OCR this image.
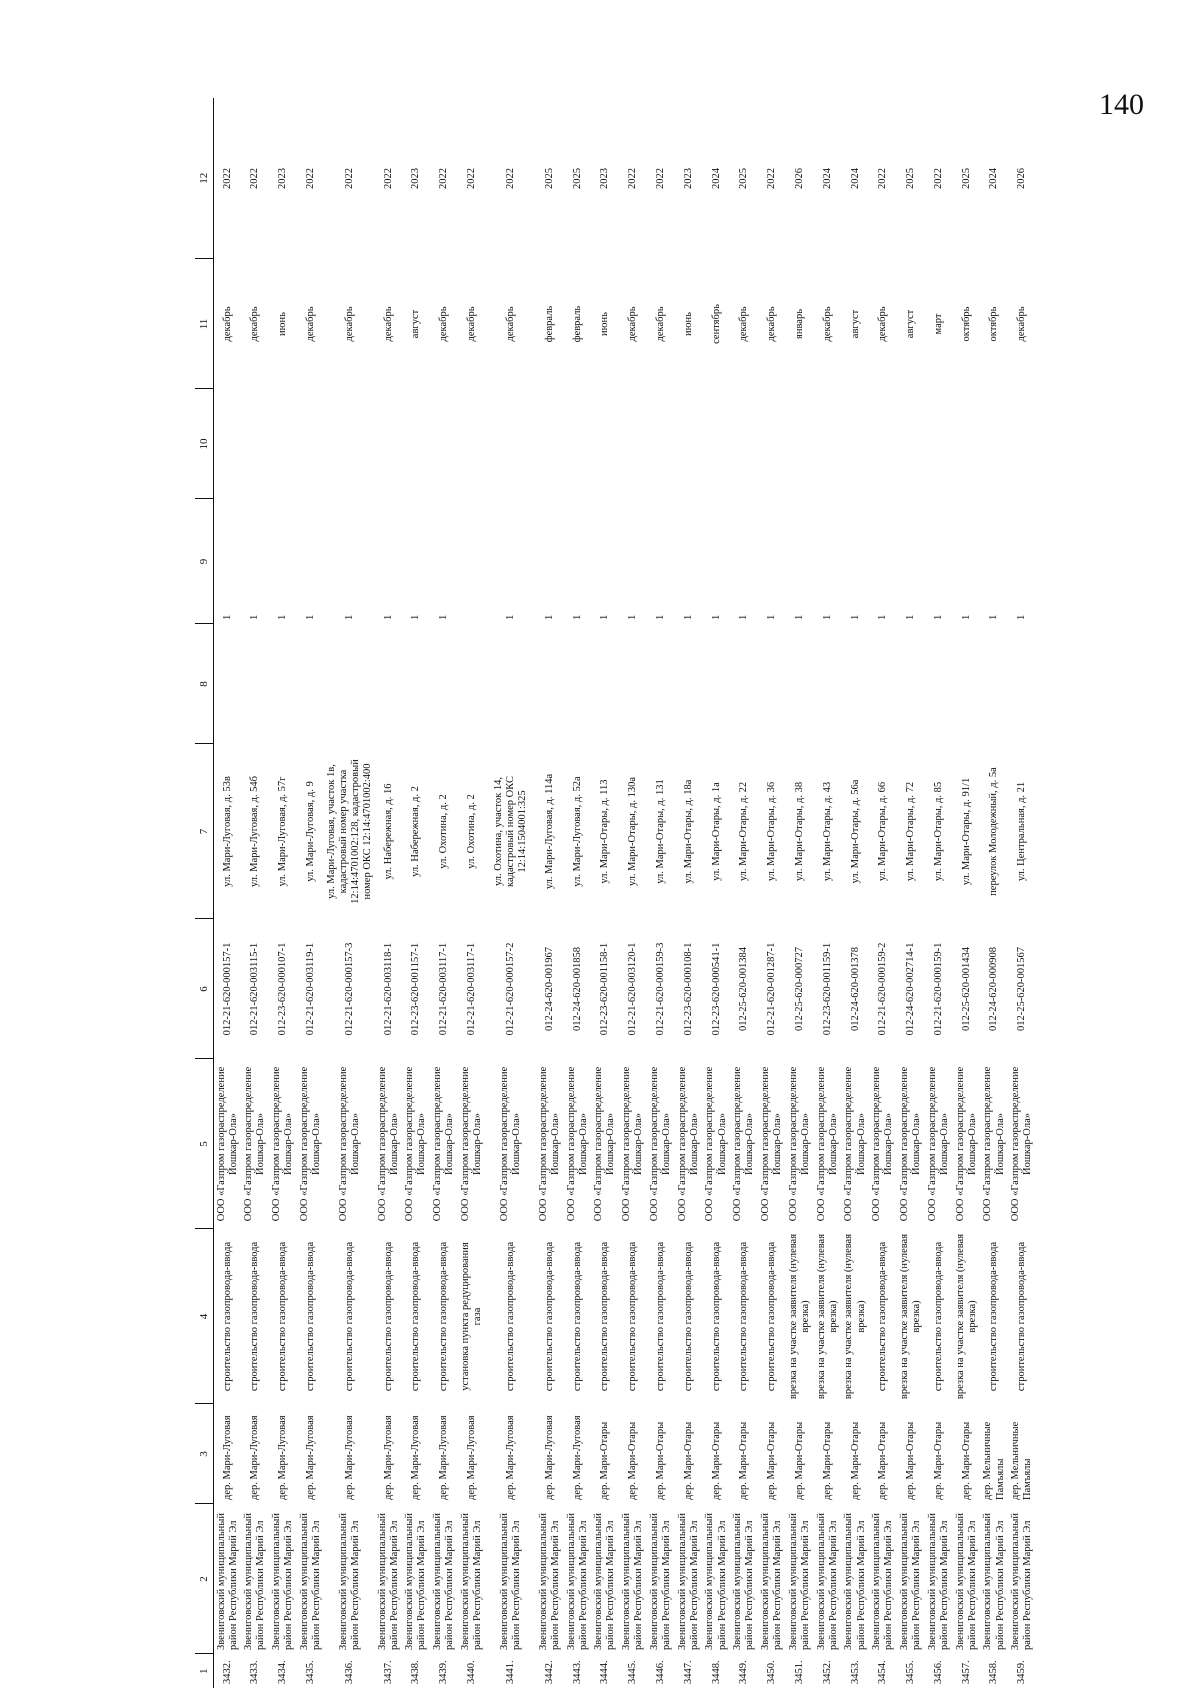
140
1	2	3	4	5	6	7	8	9	10	11	12
3432.	Звениговский муниципальный район Республики Марий Эл	дер. Мари-Луговая	строительство газопровода-ввода	ООО «Газпром газораспределение Йошкар-Ола»	012-21-620-000157-1	ул. Мари-Луговая, д. 53в		1		декабрь	2022
3433.	Звениговский муниципальный район Республики Марий Эл	дер. Мари-Луговая	строительство газопровода-ввода	ООО «Газпром газораспределение Йошкар-Ола»	012-21-620-003115-1	ул. Мари-Луговая, д. 54б		1		декабрь	2022
3434.	Звениговский муниципальный район Республики Марий Эл	дер. Мари-Луговая	строительство газопровода-ввода	ООО «Газпром газораспределение Йошкар-Ола»	012-23-620-000107-1	ул. Мари-Луговая, д. 57г		1		июнь	2023
3435.	Звениговский муниципальный район Республики Марий Эл	дер. Мари-Луговая	строительство газопровода-ввода	ООО «Газпром газораспределение Йошкар-Ола»	012-21-620-003119-1	ул. Мари-Луговая, д. 9		1		декабрь	2022
3436.	Звениговский муниципальный район Республики Марий Эл	дер. Мари-Луговая	строительство газопровода-ввода	ООО «Газпром газораспределение Йошкар-Ола»	012-21-620-000157-3	ул. Мари-Луговая, участок 1в, кадастровый номер участка 12:14:4701002:128, кадастровый номер ОКС 12:14:4701002:400		1		декабрь	2022
3437.	Звениговский муниципальный район Республики Марий Эл	дер. Мари-Луговая	строительство газопровода-ввода	ООО «Газпром газораспределение Йошкар-Ола»	012-21-620-003118-1	ул. Набережная, д. 16		1		декабрь	2022
3438.	Звениговский муниципальный район Республики Марий Эл	дер. Мари-Луговая	строительство газопровода-ввода	ООО «Газпром газораспределение Йошкар-Ола»	012-23-620-001157-1	ул. Набережная, д. 2		1		август	2023
3439.	Звениговский муниципальный район Республики Марий Эл	дер. Мари-Луговая	строительство газопровода-ввода	ООО «Газпром газораспределение Йошкар-Ола»	012-21-620-003117-1	ул. Охотина, д. 2		1		декабрь	2022
3440.	Звениговский муниципальный район Республики Марий Эл	дер. Мари-Луговая	установка пункта редуцирования газа	ООО «Газпром газораспределение Йошкар-Ола»	012-21-620-003117-1	ул. Охотина, д. 2				декабрь	2022
3441.	Звениговский муниципальный район Республики Марий Эл	дер. Мари-Луговая	строительство газопровода-ввода	ООО «Газпром газораспределение Йошкар-Ола»	012-21-620-000157-2	ул. Охотина, участок 14, кадастровый номер ОКС 12:14:1504001:325		1		декабрь	2022
3442.	Звениговский муниципальный район Республики Марий Эл	дер. Мари-Луговая	строительство газопровода-ввода	ООО «Газпром газораспределение Йошкар-Ола»	012-24-620-001967	ул. Мари-Луговая, д. 114а		1		февраль	2025
3443.	Звениговский муниципальный район Республики Марий Эл	дер. Мари-Луговая	строительство газопровода-ввода	ООО «Газпром газораспределение Йошкар-Ола»	012-24-620-001858	ул. Мари-Луговая, д. 52а		1		февраль	2025
3444.	Звениговский муниципальный район Республики Марий Эл	дер. Мари-Отары	строительство газопровода-ввода	ООО «Газпром газораспределение Йошкар-Ола»	012-23-620-001158-1	ул. Мари-Отары, д. 113		1		июнь	2023
3445.	Звениговский муниципальный район Республики Марий Эл	дер. Мари-Отары	строительство газопровода-ввода	ООО «Газпром газораспределение Йошкар-Ола»	012-21-620-003120-1	ул. Мари-Отары, д. 130а		1		декабрь	2022
3446.	Звениговский муниципальный район Республики Марий Эл	дер. Мари-Отары	строительство газопровода-ввода	ООО «Газпром газораспределение Йошкар-Ола»	012-21-620-000159-3	ул. Мари-Отары, д. 131		1		декабрь	2022
3447.	Звениговский муниципальный район Республики Марий Эл	дер. Мари-Отары	строительство газопровода-ввода	ООО «Газпром газораспределение Йошкар-Ола»	012-23-620-000108-1	ул. Мари-Отары, д. 18а		1		июнь	2023
3448.	Звениговский муниципальный район Республики Марий Эл	дер. Мари-Отары	строительство газопровода-ввода	ООО «Газпром газораспределение Йошкар-Ола»	012-23-620-000541-1	ул. Мари-Отары, д. 1а		1		сентябрь	2024
3449.	Звениговский муниципальный район Республики Марий Эл	дер. Мари-Отары	строительство газопровода-ввода	ООО «Газпром газораспределение Йошкар-Ола»	012-25-620-001384	ул. Мари-Отары, д. 22		1		декабрь	2025
3450.	Звениговский муниципальный район Республики Марий Эл	дер. Мари-Отары	строительство газопровода-ввода	ООО «Газпром газораспределение Йошкар-Ола»	012-21-620-001287-1	ул. Мари-Отары, д. 36		1		декабрь	2022
3451.	Звениговский муниципальный район Республики Марий Эл	дер. Мари-Отары	врезка на участке заявителя (нулевая врезка)	ООО «Газпром газораспределение Йошкар-Ола»	012-25-620-000727	ул. Мари-Отары, д. 38		1		январь	2026
3452.	Звениговский муниципальный район Республики Марий Эл	дер. Мари-Отары	врезка на участке заявителя (нулевая врезка)	ООО «Газпром газораспределение Йошкар-Ола»	012-23-620-001159-1	ул. Мари-Отары, д. 43		1		декабрь	2024
3453.	Звениговский муниципальный район Республики Марий Эл	дер. Мари-Отары	врезка на участке заявителя (нулевая врезка)	ООО «Газпром газораспределение Йошкар-Ола»	012-24-620-001378	ул. Мари-Отары, д. 56а		1		август	2024
3454.	Звениговский муниципальный район Республики Марий Эл	дер. Мари-Отары	строительство газопровода-ввода	ООО «Газпром газораспределение Йошкар-Ола»	012-21-620-000159-2	ул. Мари-Отары, д. 66		1		декабрь	2022
3455.	Звениговский муниципальный район Республики Марий Эл	дер. Мари-Отары	врезка на участке заявителя (нулевая врезка)	ООО «Газпром газораспределение Йошкар-Ола»	012-24-620-002714-1	ул. Мари-Отары, д. 72		1		август	2025
3456.	Звениговский муниципальный район Республики Марий Эл	дер. Мари-Отары	строительство газопровода-ввода	ООО «Газпром газораспределение Йошкар-Ола»	012-21-620-000159-1	ул. Мари-Отары, д. 85		1		март	2022
3457.	Звениговский муниципальный район Республики Марий Эл	дер. Мари-Отары	врезка на участке заявителя (нулевая врезка)	ООО «Газпром газораспределение Йошкар-Ола»	012-25-620-001434	ул. Мари-Отары, д. 91/1		1		октябрь	2025
3458.	Звениговский муниципальный район Республики Марий Эл	дер. Мельничные Памъялы	строительство газопровода-ввода	ООО «Газпром газораспределение Йошкар-Ола»	012-24-620-000908	переулок Молодежный, д. 5а		1		октябрь	2024
3459.	Звениговский муниципальный район Республики Марий Эл	дер. Мельничные Памъялы	строительство газопровода-ввода	ООО «Газпром газораспределение Йошкар-Ола»	012-25-620-001567	ул. Центральная, д. 21		1		декабрь	2026
